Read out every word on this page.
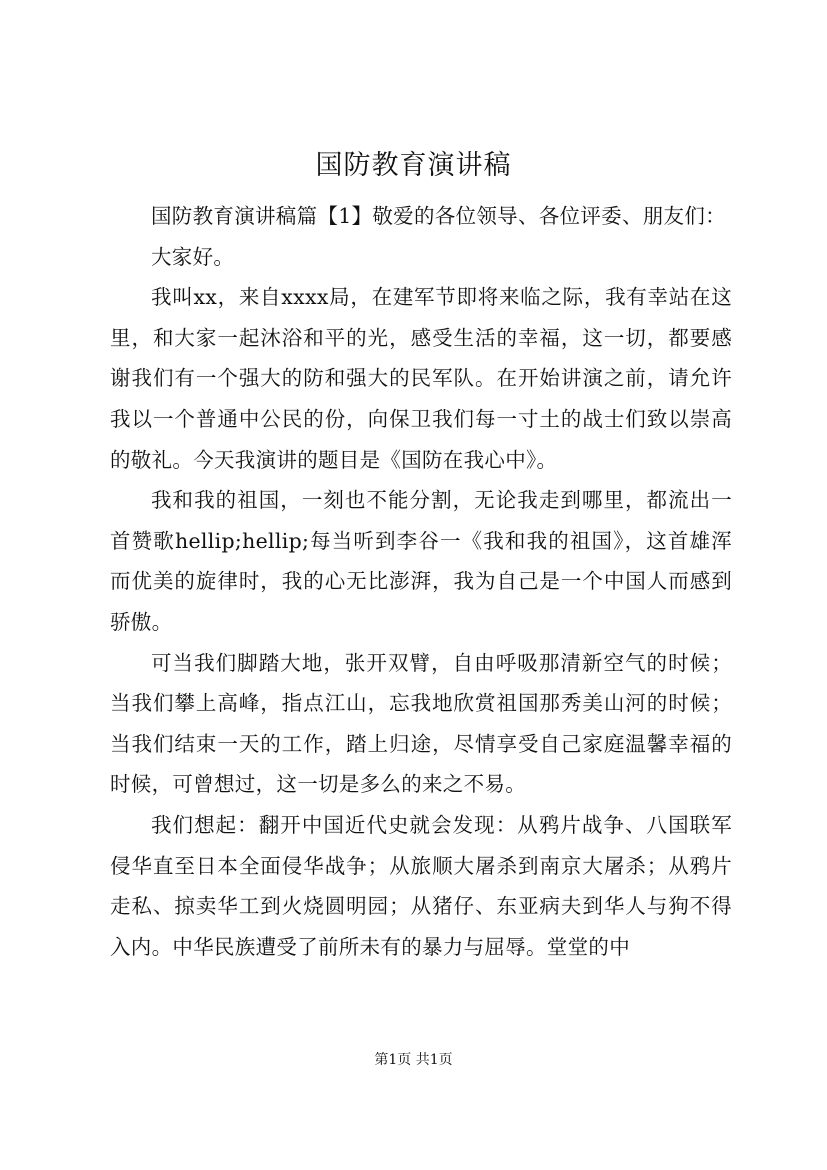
国防教育演讲稿

国防教育演讲稿篇【1】敬爱的各位领导、各位评委、朋友们：

大家好。

我叫xx，来自xxxx局，在建军节即将来临之际，我有幸站在这里，和大家一起沐浴和平的光，感受生活的幸福，这一切，都要感谢我们有一个强大的防和强大的民军队。在开始讲演之前，请允许我以一个普通中公民的份，向保卫我们每一寸土的战士们致以崇高的敬礼。今天我演讲的题目是《国防在我心中》。

我和我的祖国，一刻也不能分割，无论我走到哪里，都流出一首赞歌hellip;hellip;每当听到李谷一《我和我的祖国》，这首雄浑而优美的旋律时，我的心无比澎湃，我为自己是一个中国人而感到骄傲。

可当我们脚踏大地，张开双臂，自由呼吸那清新空气的时候；当我们攀上高峰，指点江山，忘我地欣赏祖国那秀美山河的时候；当我们结束一天的工作，踏上归途，尽情享受自己家庭温馨幸福的时候，可曾想过，这一切是多么的来之不易。

我们想起：翻开中国近代史就会发现：从鸦片战争、八国联军侵华直至日本全面侵华战争；从旅顺大屠杀到南京大屠杀；从鸦片走私、掠卖华工到火烧圆明园；从猪仔、东亚病夫到华人与狗不得入内。中华民族遭受了前所未有的暴力与屈辱。堂堂的中

第1页 共1页
